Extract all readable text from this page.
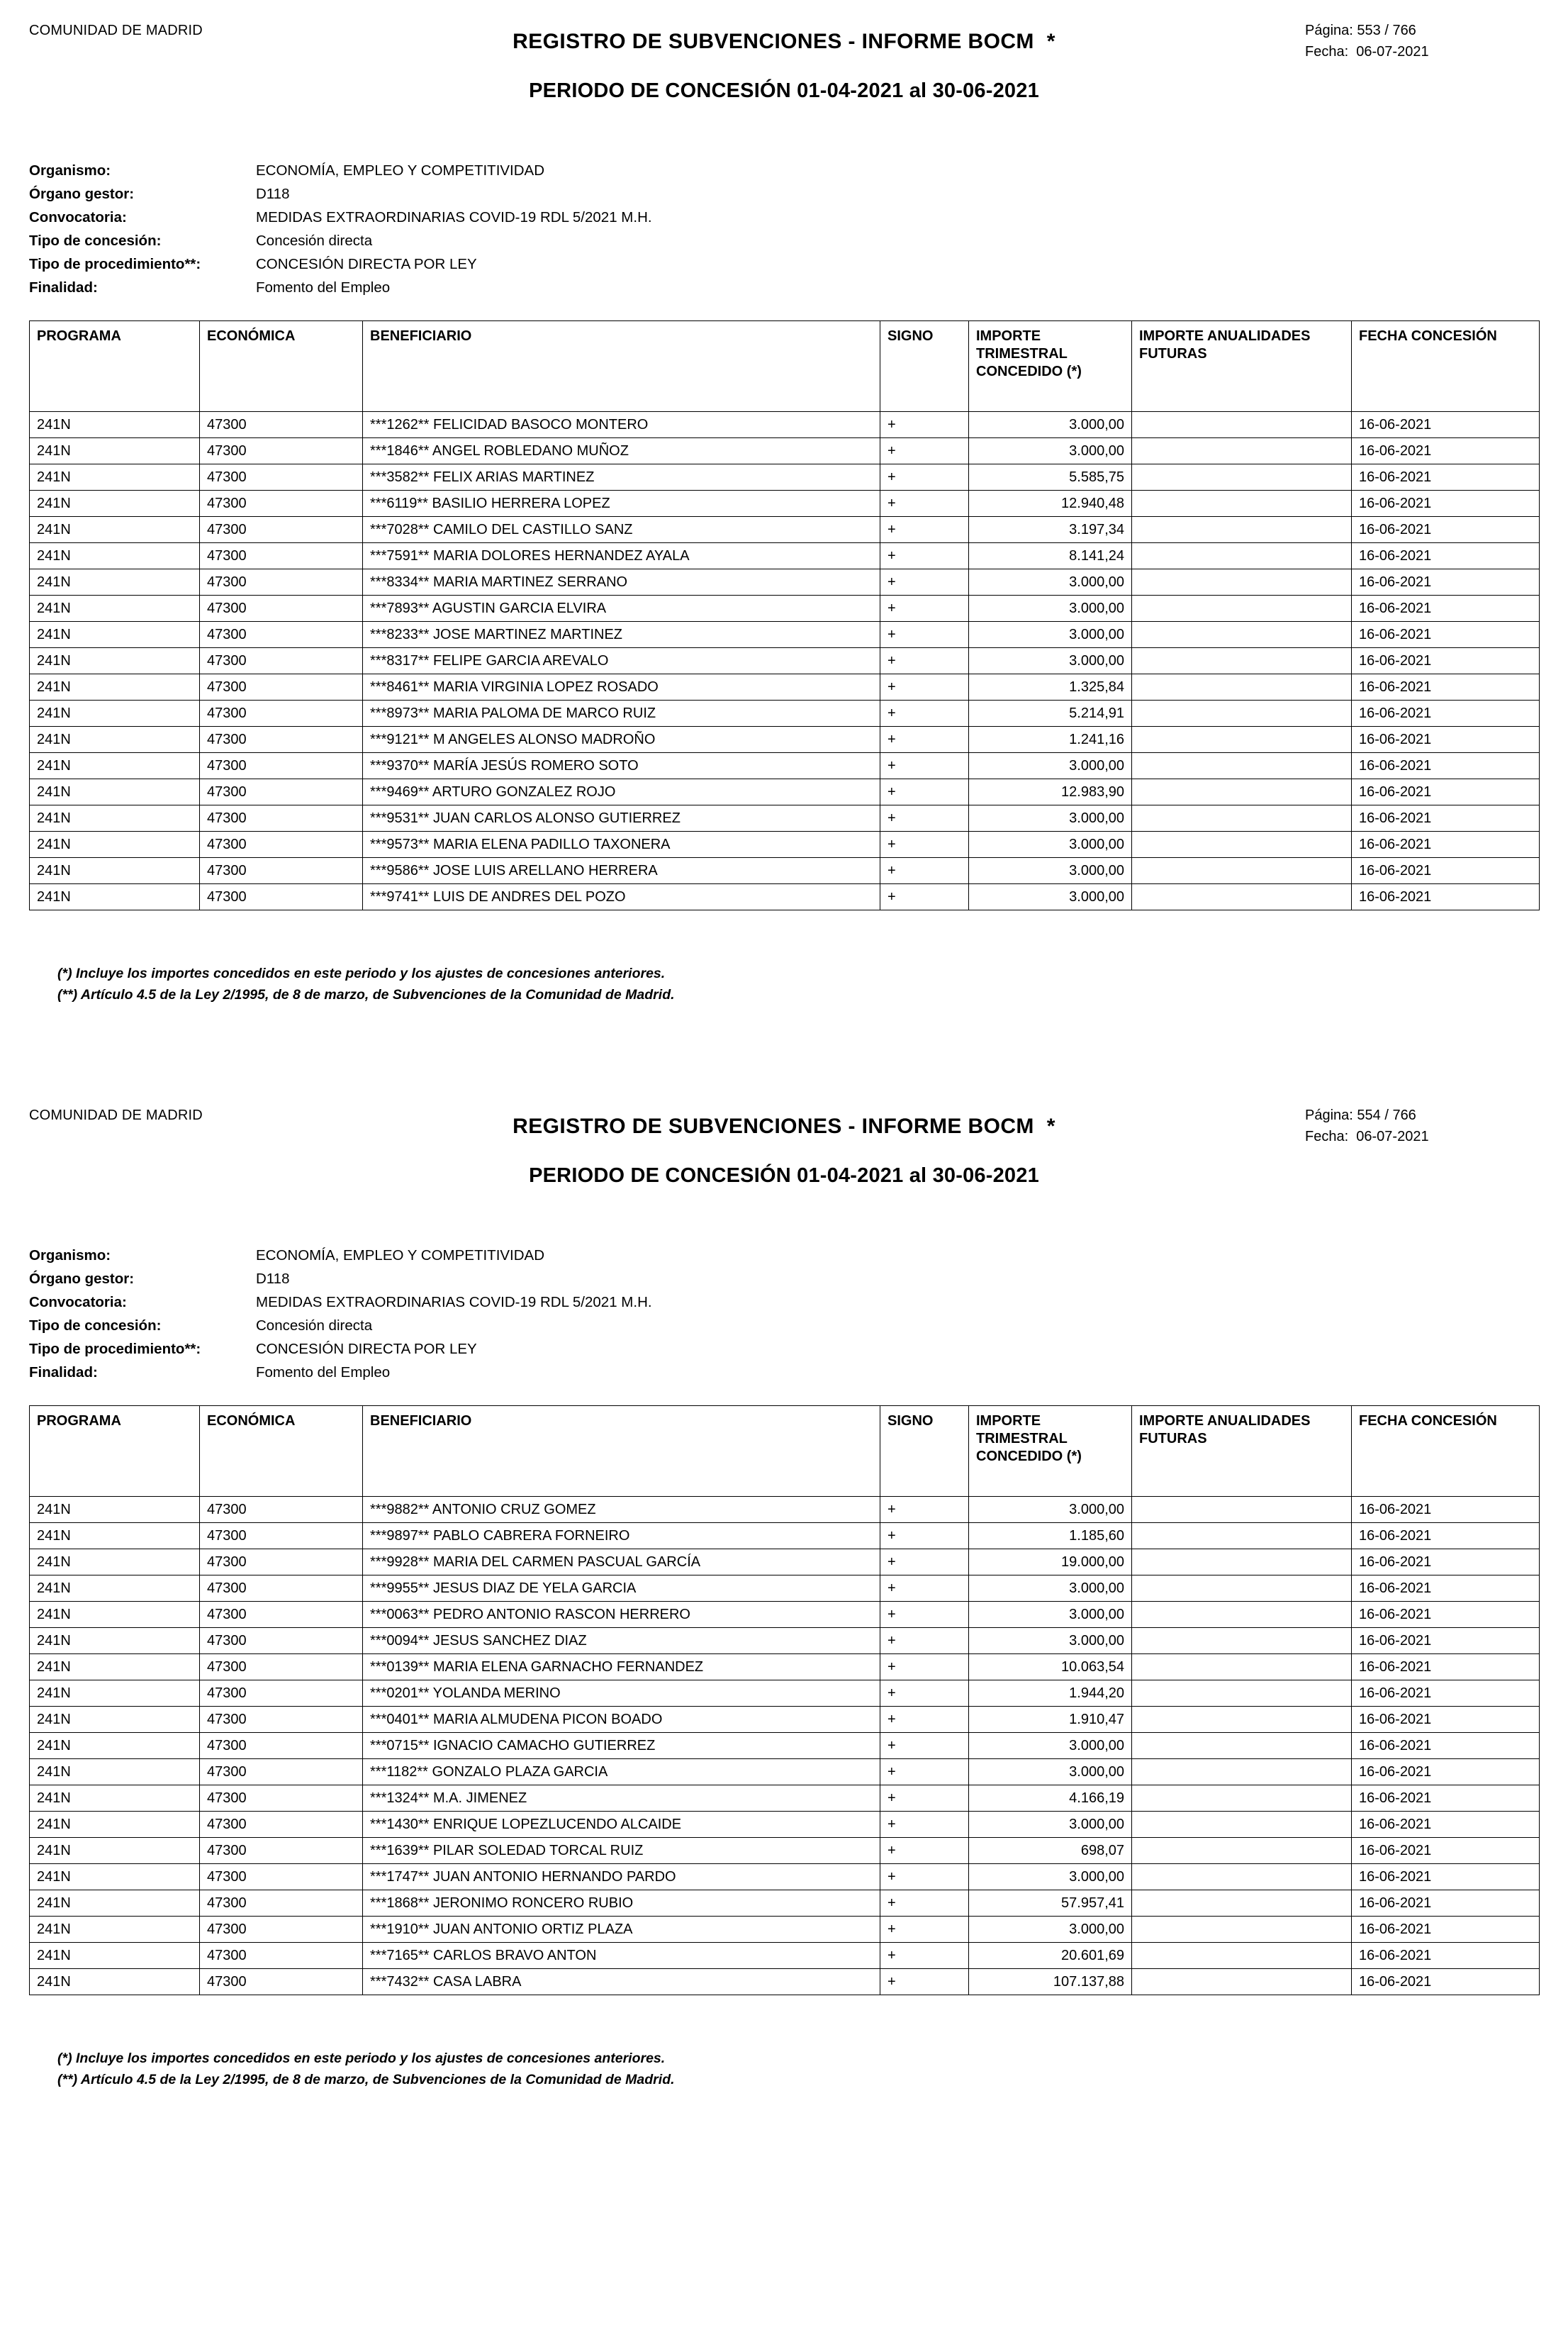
COMUNIDAD DE MADRID	REGISTRO DE SUBVENCIONES - INFORME BOCM *
PERIODO DE CONCESIÓN 01-04-2021 al 30-06-2021
Página: 553 / 766
Fecha:  06-07-2021
Organismo:	ECONOMÍA, EMPLEO Y COMPETITIVIDAD
Órgano gestor:	D118
Convocatoria:	MEDIDAS EXTRAORDINARIAS COVID-19 RDL 5/2021 M.H.
Tipo de concesión:	Concesión directa
Tipo de procedimiento**:	CONCESIÓN DIRECTA POR LEY
Finalidad:	Fomento del Empleo
PROGRAMA	ECONÓMICA	BENEFICIARIO	SIGNO	IMPORTE TRIMESTRAL CONCEDIDO (*)	IMPORTE ANUALIDADES FUTURAS	FECHA CONCESIÓN
241N	47300	***1262** FELICIDAD BASOCO MONTERO	+	3.000,00		16-06-2021
241N	47300	***1846** ANGEL ROBLEDANO MUÑOZ	+	3.000,00		16-06-2021
241N	47300	***3582** FELIX ARIAS MARTINEZ	+	5.585,75		16-06-2021
241N	47300	***6119** BASILIO HERRERA LOPEZ	+	12.940,48		16-06-2021
241N	47300	***7028** CAMILO DEL CASTILLO SANZ	+	3.197,34		16-06-2021
241N	47300	***7591** MARIA DOLORES HERNANDEZ AYALA	+	8.141,24		16-06-2021
241N	47300	***8334** MARIA MARTINEZ SERRANO	+	3.000,00		16-06-2021
241N	47300	***7893** AGUSTIN GARCIA ELVIRA	+	3.000,00		16-06-2021
241N	47300	***8233** JOSE MARTINEZ MARTINEZ	+	3.000,00		16-06-2021
241N	47300	***8317** FELIPE GARCIA AREVALO	+	3.000,00		16-06-2021
241N	47300	***8461** MARIA VIRGINIA LOPEZ ROSADO	+	1.325,84		16-06-2021
241N	47300	***8973** MARIA PALOMA DE MARCO RUIZ	+	5.214,91		16-06-2021
241N	47300	***9121** M ANGELES ALONSO MADROÑO	+	1.241,16		16-06-2021
241N	47300	***9370** MARÍA JESÚS ROMERO SOTO	+	3.000,00		16-06-2021
241N	47300	***9469** ARTURO GONZALEZ ROJO	+	12.983,90		16-06-2021
241N	47300	***9531** JUAN CARLOS ALONSO GUTIERREZ	+	3.000,00		16-06-2021
241N	47300	***9573** MARIA ELENA PADILLO TAXONERA	+	3.000,00		16-06-2021
241N	47300	***9586** JOSE LUIS ARELLANO HERRERA	+	3.000,00		16-06-2021
241N	47300	***9741** LUIS DE ANDRES DEL POZO	+	3.000,00		16-06-2021
(*) Incluye los importes concedidos en este periodo y los ajustes de concesiones anteriores.
(**) Artículo 4.5 de la Ley 2/1995, de 8 de marzo, de Subvenciones de la Comunidad de Madrid.
COMUNIDAD DE MADRID	REGISTRO DE SUBVENCIONES - INFORME BOCM *
PERIODO DE CONCESIÓN 01-04-2021 al 30-06-2021
Página: 554 / 766
Fecha:  06-07-2021
Organismo:	ECONOMÍA, EMPLEO Y COMPETITIVIDAD
Órgano gestor:	D118
Convocatoria:	MEDIDAS EXTRAORDINARIAS COVID-19 RDL 5/2021 M.H.
Tipo de concesión:	Concesión directa
Tipo de procedimiento**:	CONCESIÓN DIRECTA POR LEY
Finalidad:	Fomento del Empleo
PROGRAMA	ECONÓMICA	BENEFICIARIO	SIGNO	IMPORTE TRIMESTRAL CONCEDIDO (*)	IMPORTE ANUALIDADES FUTURAS	FECHA CONCESIÓN
241N	47300	***9882** ANTONIO CRUZ GOMEZ	+	3.000,00		16-06-2021
241N	47300	***9897** PABLO CABRERA FORNEIRO	+	1.185,60		16-06-2021
241N	47300	***9928** MARIA DEL CARMEN PASCUAL GARCÍA	+	19.000,00		16-06-2021
241N	47300	***9955** JESUS DIAZ DE YELA GARCIA	+	3.000,00		16-06-2021
241N	47300	***0063** PEDRO ANTONIO RASCON HERRERO	+	3.000,00		16-06-2021
241N	47300	***0094** JESUS SANCHEZ DIAZ	+	3.000,00		16-06-2021
241N	47300	***0139** MARIA ELENA GARNACHO FERNANDEZ	+	10.063,54		16-06-2021
241N	47300	***0201** YOLANDA MERINO	+	1.944,20		16-06-2021
241N	47300	***0401** MARIA ALMUDENA PICON BOADO	+	1.910,47		16-06-2021
241N	47300	***0715** IGNACIO CAMACHO GUTIERREZ	+	3.000,00		16-06-2021
241N	47300	***1182** GONZALO PLAZA GARCIA	+	3.000,00		16-06-2021
241N	47300	***1324** M.A. JIMENEZ	+	4.166,19		16-06-2021
241N	47300	***1430** ENRIQUE LOPEZLUCENDO ALCAIDE	+	3.000,00		16-06-2021
241N	47300	***1639** PILAR SOLEDAD TORCAL RUIZ	+	698,07		16-06-2021
241N	47300	***1747** JUAN ANTONIO HERNANDO PARDO	+	3.000,00		16-06-2021
241N	47300	***1868** JERONIMO RONCERO RUBIO	+	57.957,41		16-06-2021
241N	47300	***1910** JUAN ANTONIO ORTIZ PLAZA	+	3.000,00		16-06-2021
241N	47300	***7165** CARLOS BRAVO ANTON	+	20.601,69		16-06-2021
241N	47300	***7432** CASA LABRA	+	107.137,88		16-06-2021
(*) Incluye los importes concedidos en este periodo y los ajustes de concesiones anteriores.
(**) Artículo 4.5 de la Ley 2/1995, de 8 de marzo, de Subvenciones de la Comunidad de Madrid.
